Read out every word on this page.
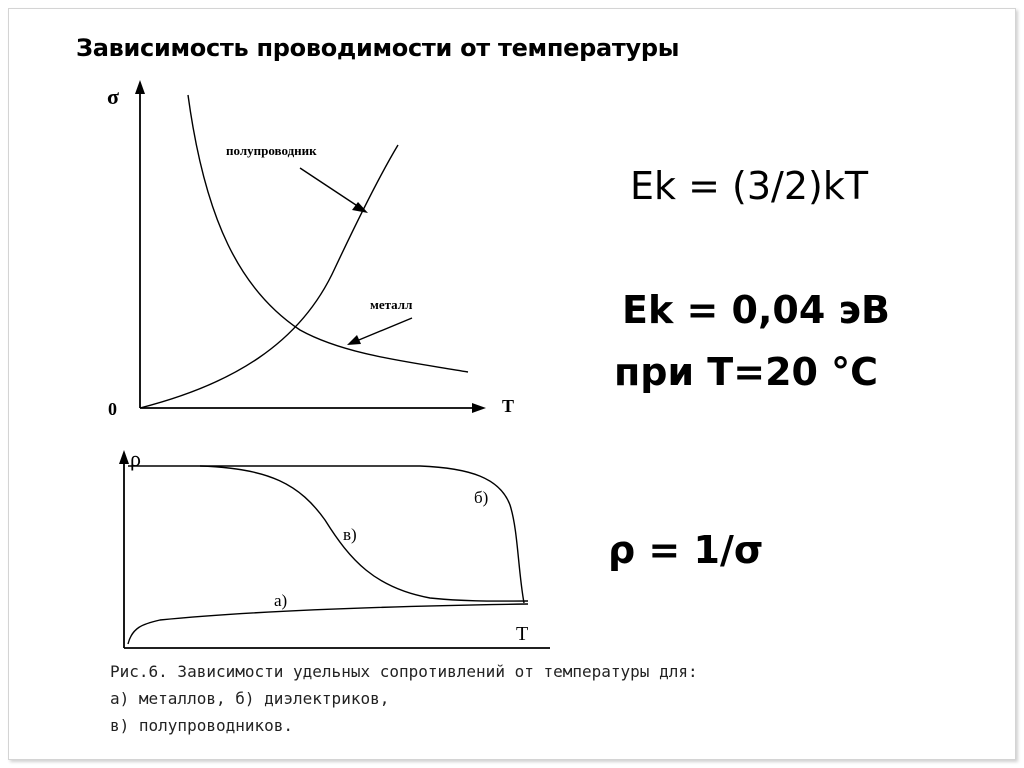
Зависимость проводимости от температуры
σ
0	T
полупроводник
металл
ρ
T
б)
в)
а)
Рис.6. Зависимости удельных сопротивлений от температуры для:
а) металлов, б) диэлектриков,
в) полупроводников.
Ek = (3/2)kT
Ek = 0,04 эВ
при T=20 °C
ρ = 1/σ
